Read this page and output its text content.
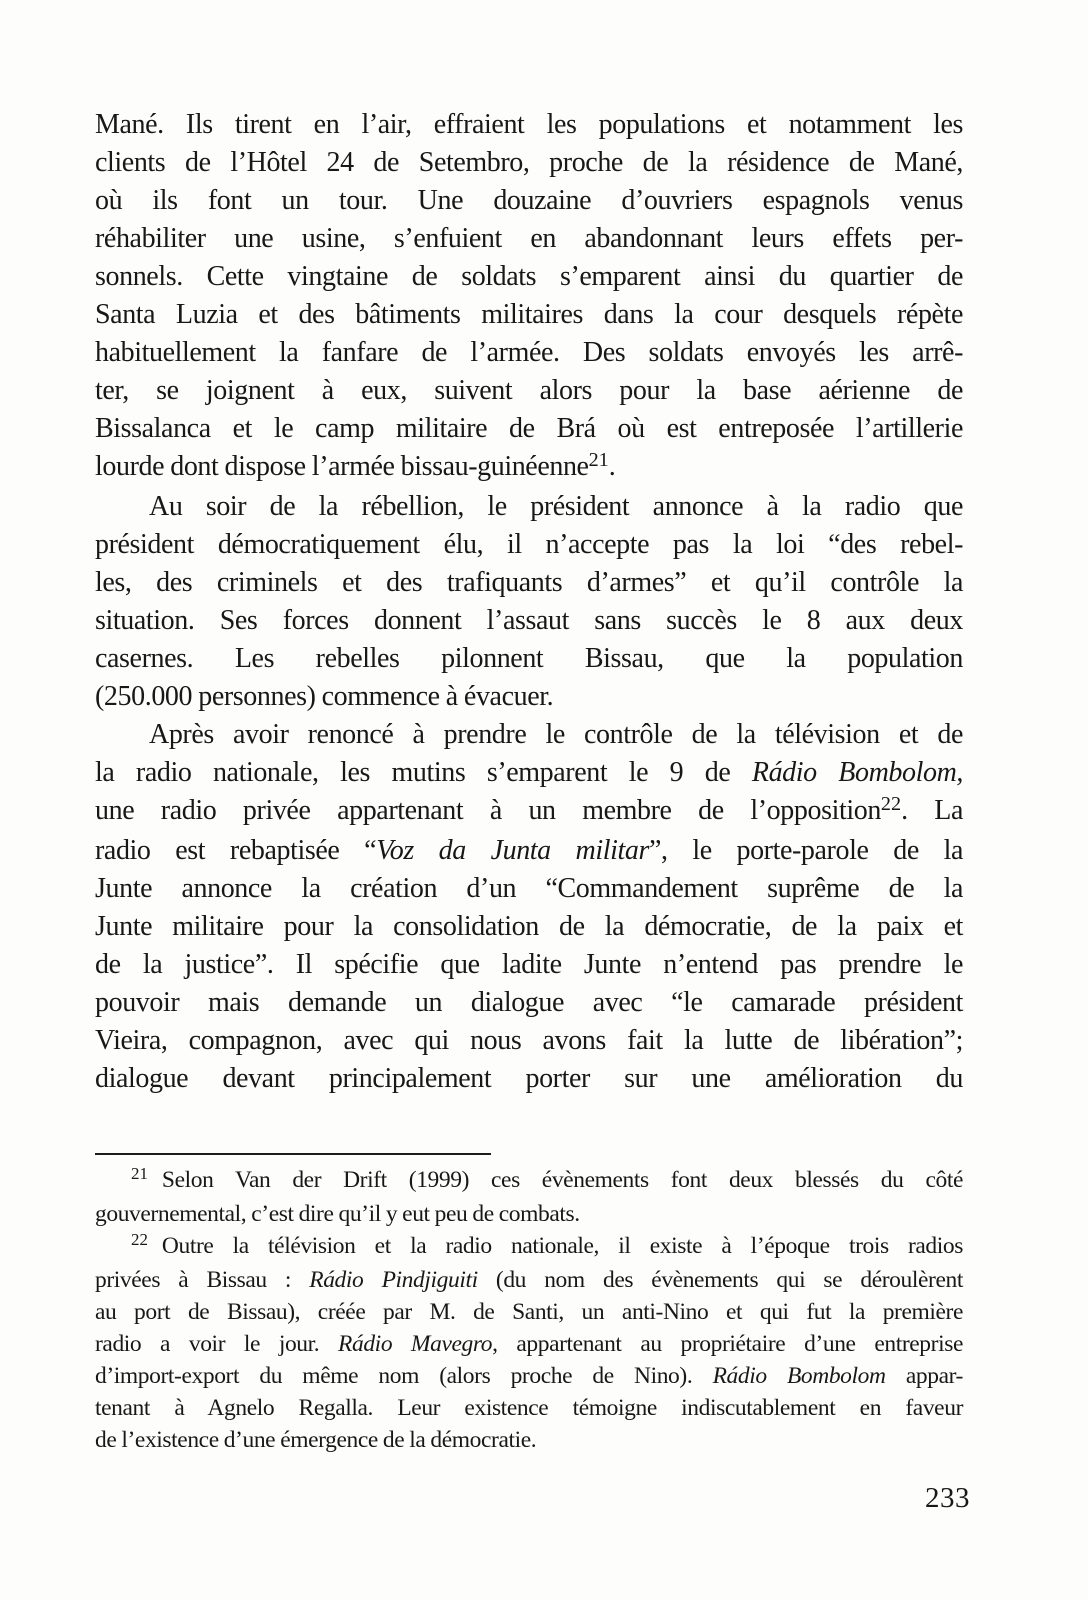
Mané. Ils tirent en l’air, effraient les populations et notamment les
clients de l’Hôtel 24 de Setembro, proche de la résidence de Mané,
où ils font un tour. Une douzaine d’ouvriers espagnols venus
réhabiliter une usine, s’enfuient en abandonnant leurs effets per-
sonnels. Cette vingtaine de soldats s’emparent ainsi du quartier de
Santa Luzia et des bâtiments militaires dans la cour desquels répète
habituellement la fanfare de l’armée. Des soldats envoyés les arrê-
ter, se joignent à eux, suivent alors pour la base aérienne de
Bissalanca et le camp militaire de Brá où est entreposée l’artillerie
lourde dont dispose l’armée bissau-guinéenne$^{21}$.
Au soir de la rébellion, le président annonce à la radio que
président démocratiquement élu, il n’accepte pas la loi “des rebel-
les, des criminels et des trafiquants d’armes” et qu’il contrôle la
situation. Ses forces donnent l’assaut sans succès le 8 aux deux
casernes. Les rebelles pilonnent Bissau, que la population
(250.000 personnes) commence à évacuer.
Après avoir renoncé à prendre le contrôle de la télévision et de
la radio nationale, les mutins s’emparent le 9 de Rádio Bombolom,
une radio privée appartenant à un membre de l’opposition$^{22}$. La
radio est rebaptisée “Voz da Junta militar”, le porte-parole de la
Junte annonce la création d’un “Commandement suprême de la
Junte militaire pour la consolidation de la démocratie, de la paix et
de la justice”. Il spécifie que ladite Junte n’entend pas prendre le
pouvoir mais demande un dialogue avec “le camarade président
Vieira, compagnon, avec qui nous avons fait la lutte de libération”;
dialogue devant principalement porter sur une amélioration du
$^{21}$ Selon Van der Drift (1999) ces évènements font deux blessés du côté
gouvernemental, c’est dire qu’il y eut peu de combats.
$^{22}$ Outre la télévision et la radio nationale, il existe à l’époque trois radios
privées à Bissau : Rádio Pindjiguiti (du nom des évènements qui se déroulèrent
au port de Bissau), créée par M. de Santi, un anti-Nino et qui fut la première
radio a voir le jour. Rádio Mavegro, appartenant au propriétaire d’une entreprise
d’import-export du même nom (alors proche de Nino). Rádio Bombolom appar-
tenant à Agnelo Regalla. Leur existence témoigne indiscutablement en faveur
de l’existence d’une émergence de la démocratie.
233
